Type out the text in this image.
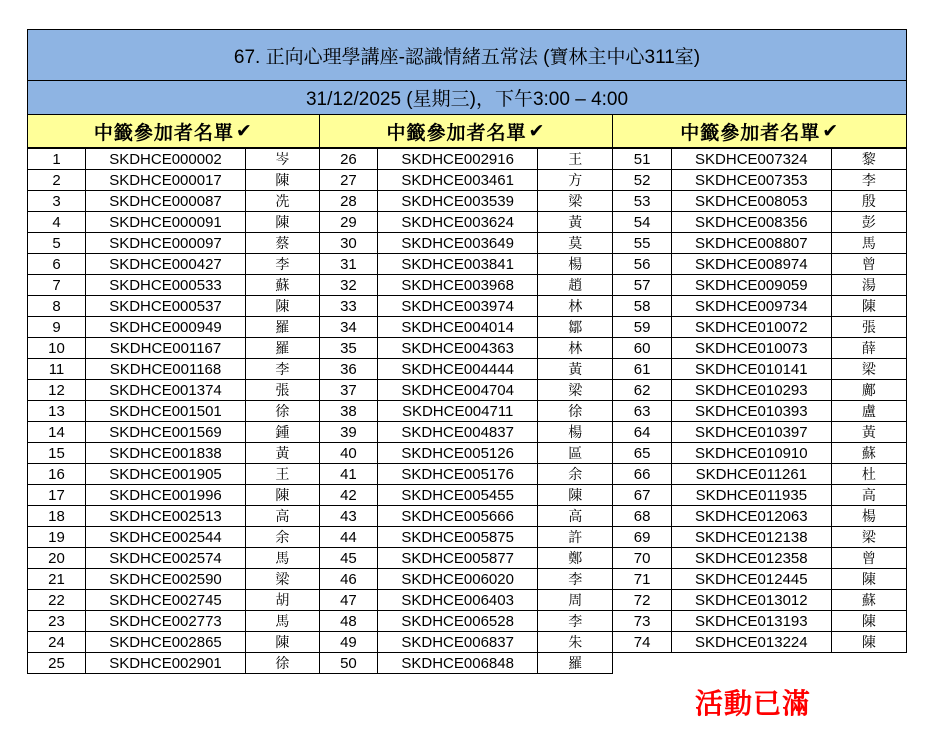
67. 正向心理學講座-認識情緒五常法 (寶林主中心311室)
31/12/2025 (星期三)，下午3:00 – 4:00
中籤參加者名單 ✔	中籤參加者名單 ✔	中籤參加者名單 ✔
1	SKDHCE000002	岑
2	SKDHCE000017	陳
3	SKDHCE000087	冼
4	SKDHCE000091	陳
5	SKDHCE000097	蔡
6	SKDHCE000427	李
7	SKDHCE000533	蘇
8	SKDHCE000537	陳
9	SKDHCE000949	羅
10	SKDHCE001167	羅
11	SKDHCE001168	李
12	SKDHCE001374	張
13	SKDHCE001501	徐
14	SKDHCE001569	鍾
15	SKDHCE001838	黃
16	SKDHCE001905	王
17	SKDHCE001996	陳
18	SKDHCE002513	高
19	SKDHCE002544	余
20	SKDHCE002574	馬
21	SKDHCE002590	梁
22	SKDHCE002745	胡
23	SKDHCE002773	馬
24	SKDHCE002865	陳
25	SKDHCE002901	徐
26	SKDHCE002916	王
27	SKDHCE003461	方
28	SKDHCE003539	梁
29	SKDHCE003624	黃
30	SKDHCE003649	莫
31	SKDHCE003841	楊
32	SKDHCE003968	趙
33	SKDHCE003974	林
34	SKDHCE004014	鄒
35	SKDHCE004363	林
36	SKDHCE004444	黃
37	SKDHCE004704	梁
38	SKDHCE004711	徐
39	SKDHCE004837	楊
40	SKDHCE005126	區
41	SKDHCE005176	余
42	SKDHCE005455	陳
43	SKDHCE005666	高
44	SKDHCE005875	許
45	SKDHCE005877	鄭
46	SKDHCE006020	李
47	SKDHCE006403	周
48	SKDHCE006528	李
49	SKDHCE006837	朱
50	SKDHCE006848	羅
51	SKDHCE007324	黎
52	SKDHCE007353	李
53	SKDHCE008053	殷
54	SKDHCE008356	彭
55	SKDHCE008807	馬
56	SKDHCE008974	曾
57	SKDHCE009059	湯
58	SKDHCE009734	陳
59	SKDHCE010072	張
60	SKDHCE010073	薛
61	SKDHCE010141	梁
62	SKDHCE010293	鄺
63	SKDHCE010393	盧
64	SKDHCE010397	黃
65	SKDHCE010910	蘇
66	SKDHCE011261	杜
67	SKDHCE011935	高
68	SKDHCE012063	楊
69	SKDHCE012138	梁
70	SKDHCE012358	曾
71	SKDHCE012445	陳
72	SKDHCE013012	蘇
73	SKDHCE013193	陳
74	SKDHCE013224	陳
活動已滿
